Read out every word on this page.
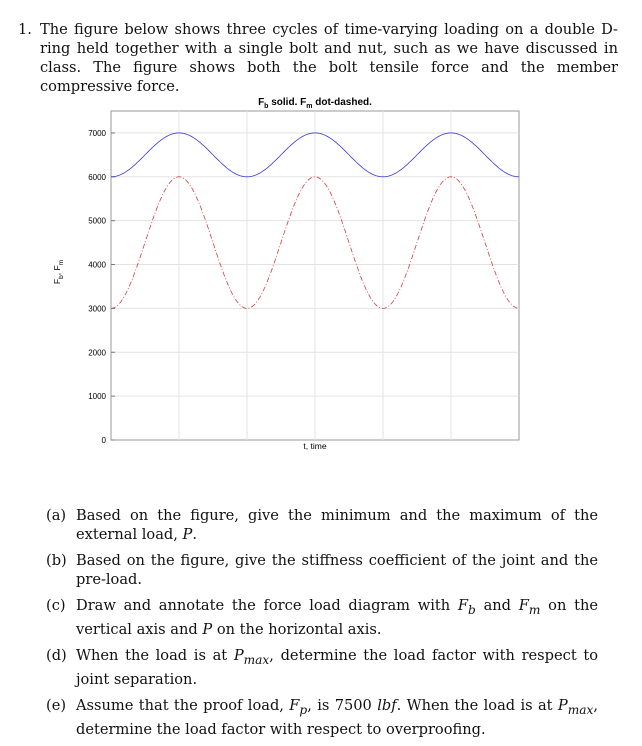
1. The figure below shows three cycles of time-varying loading on a double D-ring held together with a single bolt and nut, such as we have discussed in class. The figure shows both the bolt tensile force and the member compressive force.
$F_b$ solid. $F_m$ dot-dashed.
0
1000
2000
3000
4000
5000
6000
7000
t, time
$F_b$, $F_m$
(a) Based on the figure, give the minimum and the maximum of the external load, P.
(b) Based on the figure, give the stiffness coefficient of the joint and the pre-load.
(c) Draw and annotate the force load diagram with $F_b$ and $F_m$ on the vertical axis and P on the horizontal axis.
(d) When the load is at $P_{max}$, determine the load factor with respect to joint separation.
(e) Assume that the proof load, $F_p$, is 7500 lbf. When the load is at $P_{max}$, determine the load factor with respect to overproofing.
